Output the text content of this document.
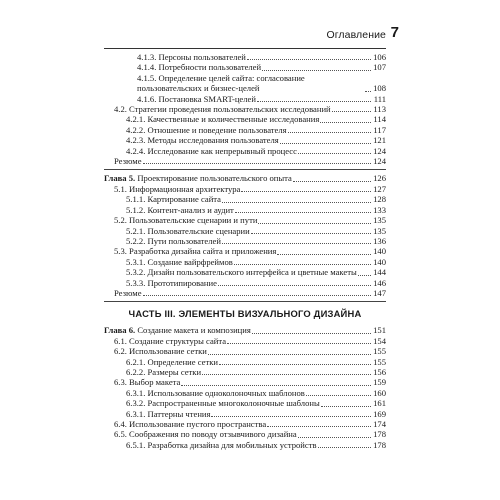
Оглавление 7
4.1.3. Персоны пользователей	106
4.1.4. Потребности пользователей	107
4.1.5. Определение целей сайта: согласование пользовательских и бизнес-целей	108
4.1.6. Постановка SMART-целей	111
4.2. Стратегии проведения пользовательских исследований	113
4.2.1. Качественные и количественные исследования	114
4.2.2. Отношение и поведение пользователя	117
4.2.3. Методы исследования пользователя	121
4.2.4. Исследование как непрерывный процесс	124
Резюме	124
Глава 5. Проектирование пользовательского опыта	126
5.1. Информационная архитектура	127
5.1.1. Картирование сайта	128
5.1.2. Контент-анализ и аудит	133
5.2. Пользовательские сценарии и пути	135
5.2.1. Пользовательские сценарии	135
5.2.2. Пути пользователей	136
5.3. Разработка дизайна сайта и приложения	140
5.3.1. Создание вайрфреймов	140
5.3.2. Дизайн пользовательского интерфейса и цветные макеты 144
5.3.3. Прототипирование	146
Резюме	147
ЧАСТЬ III. ЭЛЕМЕНТЫ ВИЗУАЛЬНОГО ДИЗАЙНА
Глава 6. Создание макета и композиция	151
6.1. Создание структуры сайта	154
6.2. Использование сетки	155
6.2.1. Определение сетки	155
6.2.2. Размеры сетки	156
6.3. Выбор макета	159
6.3.1. Использование одноколоночных шаблонов	160
6.3.2. Распространенные многоколоночные шаблоны	161
6.3.1. Паттерны чтения	169
6.4. Использование пустого пространства	174
6.5. Соображения по поводу отзывчивого дизайна	178
6.5.1. Разработка дизайна для мобильных устройств	178
